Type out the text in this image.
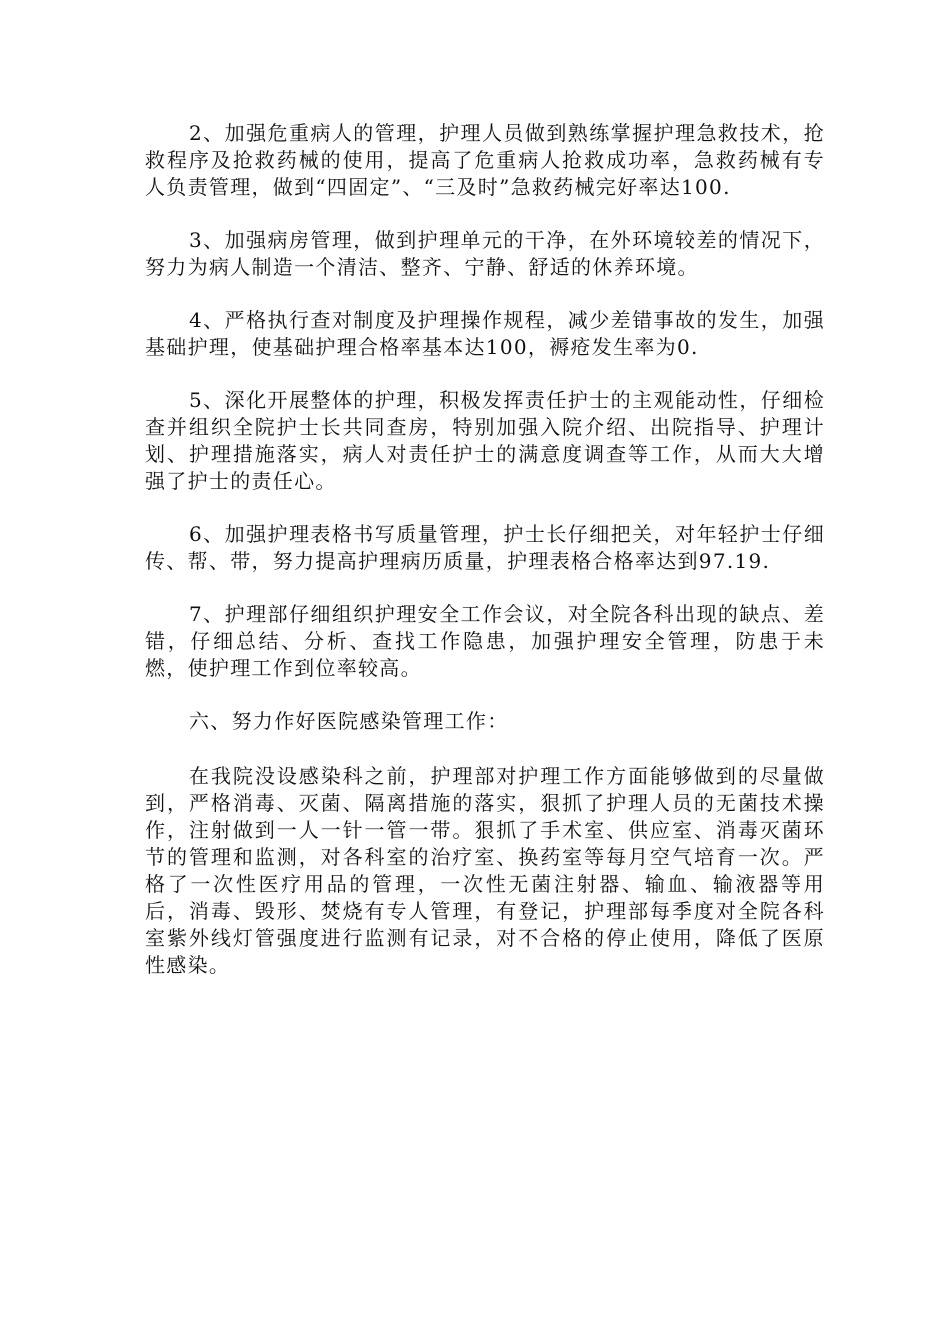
2、加强危重病人的管理，护理人员做到熟练掌握护理急救技术，抢救程序及抢救药械的使用，提高了危重病人抢救成功率，急救药械有专人负责管理，做到“四固定”、“三及时”急救药械完好率达100.

3、加强病房管理，做到护理单元的干净，在外环境较差的情况下，努力为病人制造一个清洁、整齐、宁静、舒适的休养环境。

4、严格执行查对制度及护理操作规程，减少差错事故的发生，加强基础护理，使基础护理合格率基本达100，褥疮发生率为0.

5、深化开展整体的护理，积极发挥责任护士的主观能动性，仔细检查并组织全院护士长共同查房，特别加强入院介绍、出院指导、护理计划、护理措施落实，病人对责任护士的满意度调查等工作，从而大大增强了护士的责任心。

6、加强护理表格书写质量管理，护士长仔细把关，对年轻护士仔细传、帮、带，努力提高护理病历质量，护理表格合格率达到97.19.

7、护理部仔细组织护理安全工作会议，对全院各科出现的缺点、差错，仔细总结、分析、查找工作隐患，加强护理安全管理，防患于未燃，使护理工作到位率较高。

六、努力作好医院感染管理工作：

在我院没设感染科之前，护理部对护理工作方面能够做到的尽量做到，严格消毒、灭菌、隔离措施的落实，狠抓了护理人员的无菌技术操作，注射做到一人一针一管一带。狠抓了手术室、供应室、消毒灭菌环节的管理和监测，对各科室的治疗室、换药室等每月空气培育一次。严格了一次性医疗用品的管理，一次性无菌注射器、输血、输液器等用后，消毒、毁形、焚烧有专人管理，有登记，护理部每季度对全院各科室紫外线灯管强度进行监测有记录，对不合格的停止使用，降低了医原性感染。
